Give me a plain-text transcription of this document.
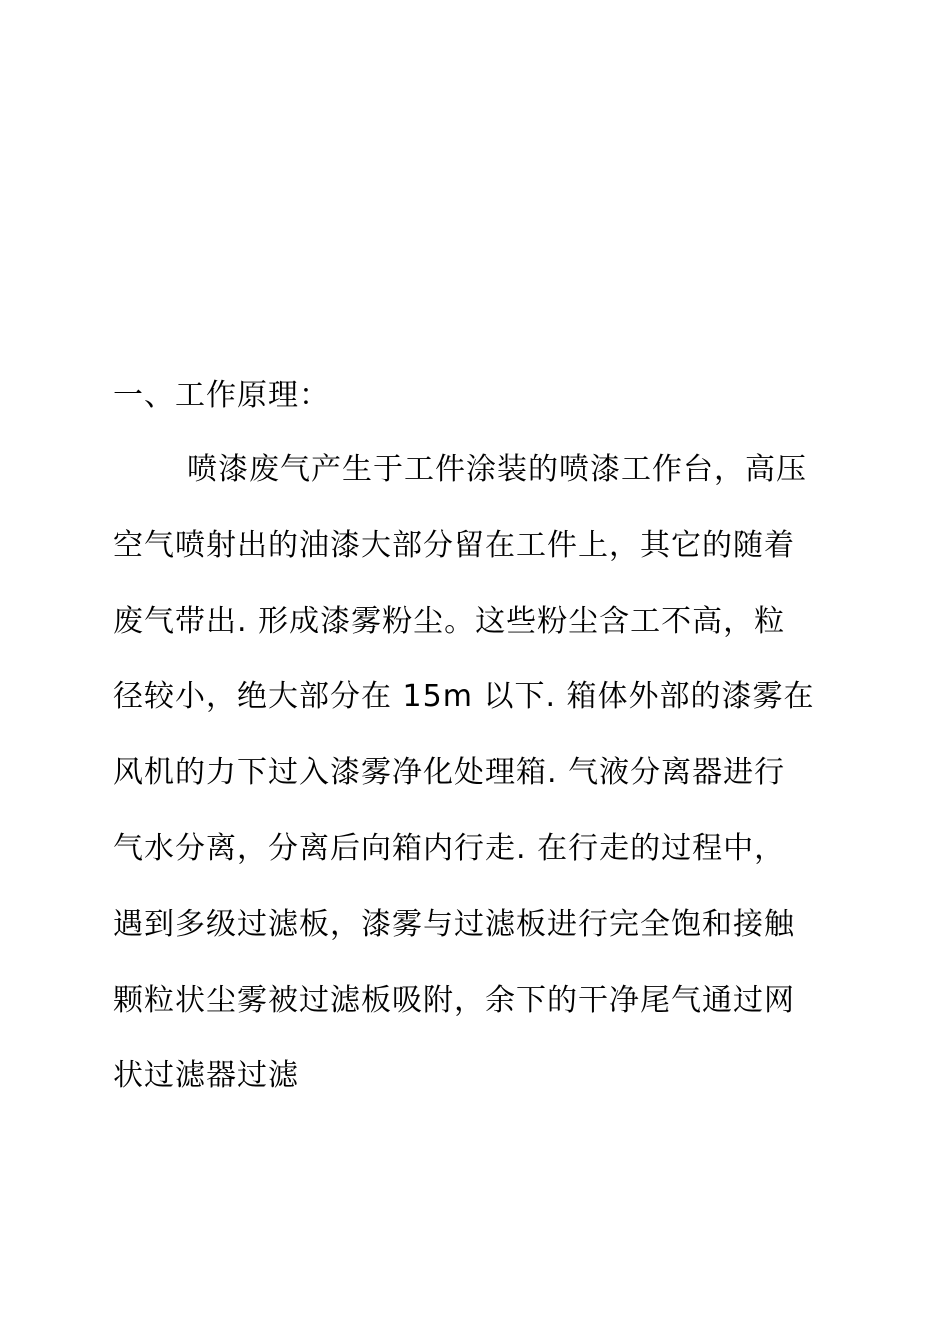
一、工作原理：
喷漆废气产生于工件涂装的喷漆工作台，高压
空气喷射出的油漆大部分留在工件上，其它的随着
废气带出. 形成漆雾粉尘。这些粉尘含工不高，粒
径较小，绝大部分在 15m 以下. 箱体外部的漆雾在
风机的力下过入漆雾净化处理箱. 气液分离器进行
气水分离，分离后向箱内行走. 在行走的过程中，
遇到多级过滤板，漆雾与过滤板进行完全饱和接触
颗粒状尘雾被过滤板吸附，余下的干净尾气通过网
状过滤器过滤
